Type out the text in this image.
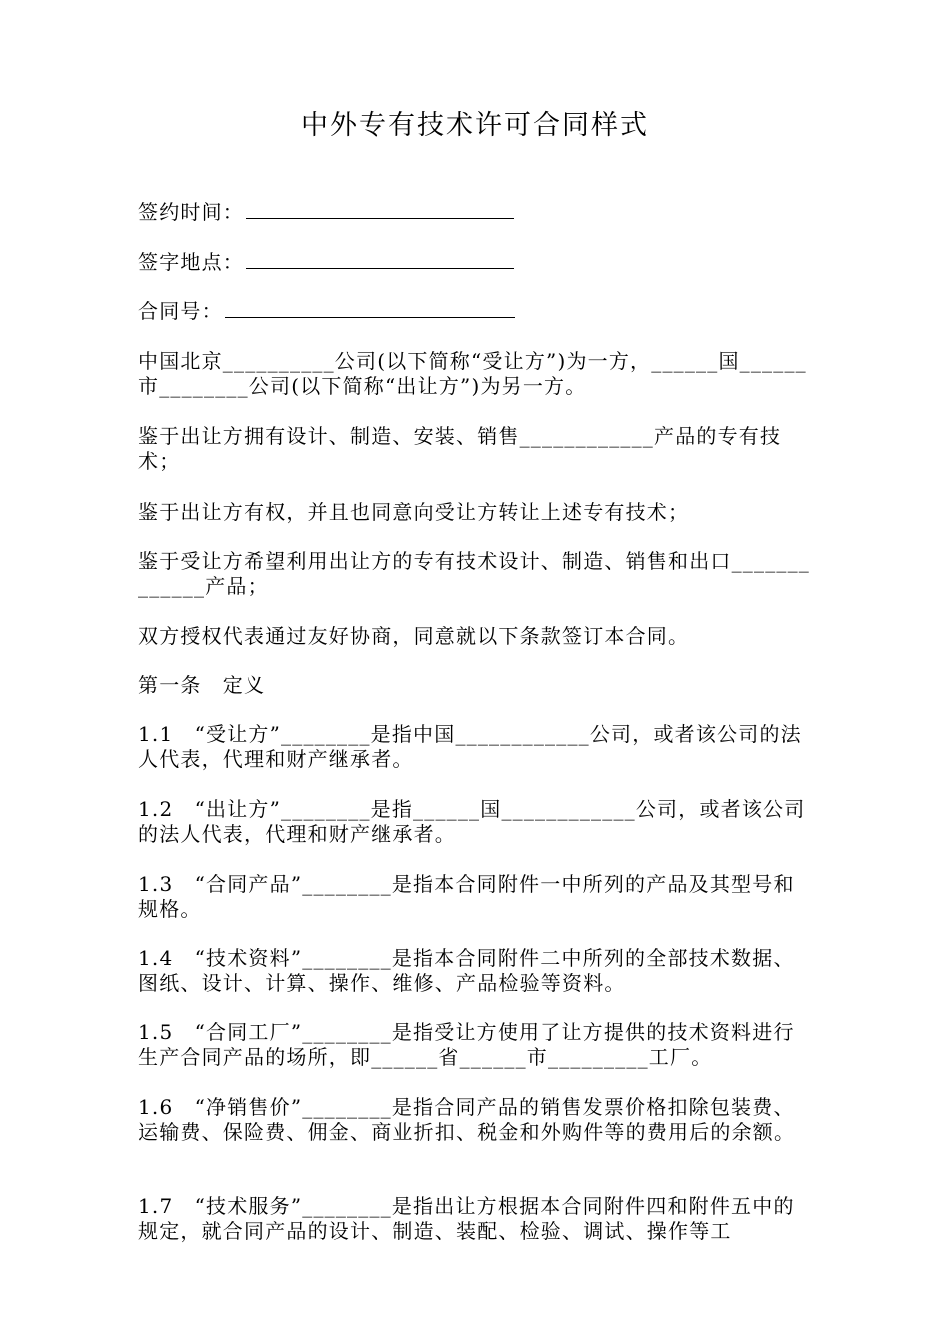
中外专有技术许可合同样式
签约时间：
签字地点：
合同号：
中国北京__________公司(以下简称“受让方”)为一方，______国______市________公司(以下简称“出让方”)为另一方。
鉴于出让方拥有设计、制造、安装、销售____________产品的专有技术；
鉴于出让方有权，并且也同意向受让方转让上述专有技术；
鉴于受让方希望利用出让方的专有技术设计、制造、销售和出口_____________产品；
双方授权代表通过友好协商，同意就以下条款签订本合同。
第一条　定义
1.1　“受让方”________是指中国____________公司，或者该公司的法人代表，代理和财产继承者。
1.2　“出让方”________是指______国____________公司，或者该公司的法人代表，代理和财产继承者。
1.3　“合同产品”________是指本合同附件一中所列的产品及其型号和规格。
1.4　“技术资料”________是指本合同附件二中所列的全部技术数据、图纸、设计、计算、操作、维修、产品检验等资料。
1.5　“合同工厂”________是指受让方使用了让方提供的技术资料进行生产合同产品的场所，即______省______市_________工厂。
1.6　“净销售价”________是指合同产品的销售发票价格扣除包装费、运输费、保险费、佣金、商业折扣、税金和外购件等的费用后的余额。
1.7　“技术服务”________是指出让方根据本合同附件四和附件五中的规定，就合同产品的设计、制造、装配、检验、调试、操作等工
